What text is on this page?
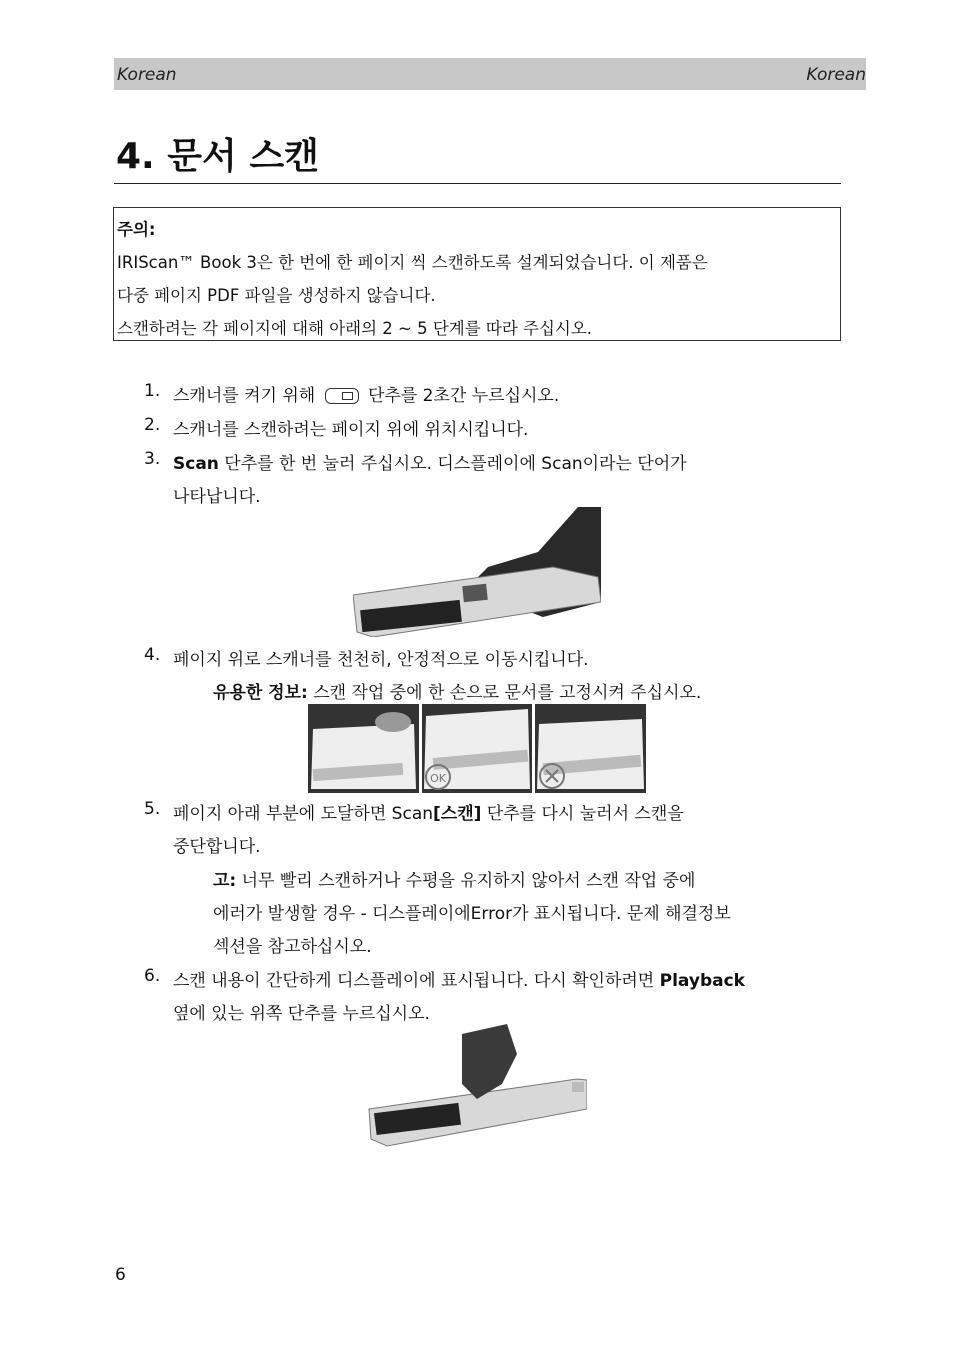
Korean	Korean
4. 문서 스캔
주의:
IRIScan™ Book 3은 한 번에 한 페이지 씩 스캔하도록 설계되었습니다. 이 제품은
다중 페이지 PDF 파일을 생성하지 않습니다.
스캔하려는 각 페이지에 대해 아래의 2 ~ 5 단계를 따라 주십시오.
1. 스캐너를 켜기 위해	단추를 2초간 누르십시오.
2. 스캐너를 스캔하려는 페이지 위에 위치시킵니다.
3. Scan 단추를 한 번 눌러 주십시오. 디스플레이에 Scan이라는 단어가
나타납니다.
4. 페이지 위로 스캐너를 천천히, 안정적으로 이동시킵니다.
유용한 정보: 스캔 작업 중에 한 손으로 문서를 고정시켜 주십시오.
OK
5. 페이지 아래 부분에 도달하면 Scan[스캔] 단추를 다시 눌러서 스캔을
중단합니다.
고: 너무 빨리 스캔하거나 수평을 유지하지 않아서 스캔 작업 중에
에러가 발생할 경우 - 디스플레이에Error가 표시됩니다. 문제 해결정보
섹션을 참고하십시오.
6. 스캔 내용이 간단하게 디스플레이에 표시됩니다. 다시 확인하려면 Playback
옆에 있는 위쪽 단추를 누르십시오.
6
